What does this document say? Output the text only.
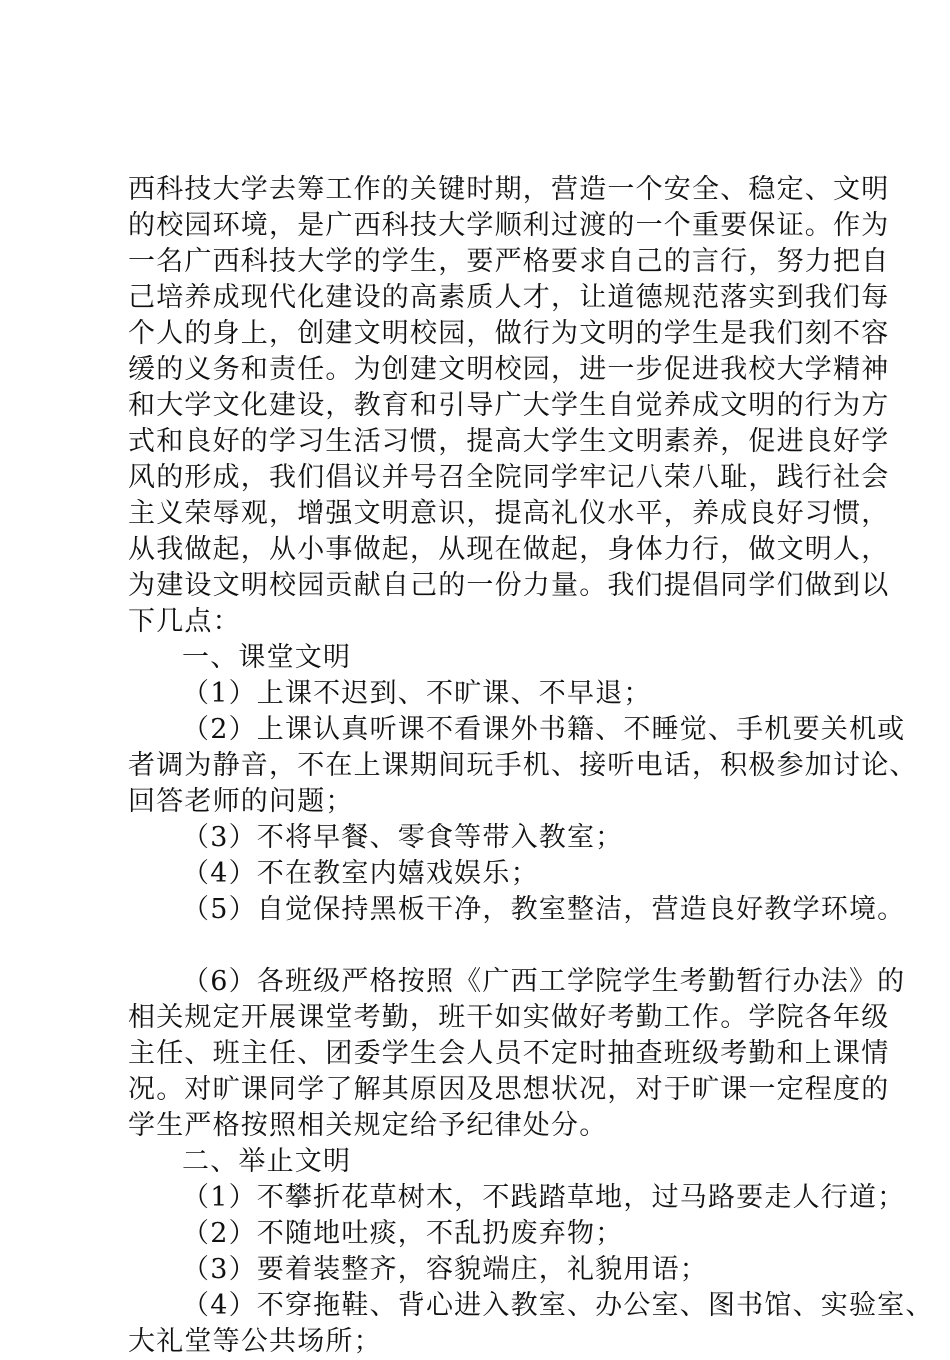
西科技大学去筹工作的关键时期，营造一个安全、稳定、文明
的校园环境，是广西科技大学顺利过渡的一个重要保证。作为
一名广西科技大学的学生，要严格要求自己的言行，努力把自
己培养成现代化建设的高素质人才，让道德规范落实到我们每
个人的身上，创建文明校园，做行为文明的学生是我们刻不容
缓的义务和责任。为创建文明校园，进一步促进我校大学精神
和大学文化建设，教育和引导广大学生自觉养成文明的行为方
式和良好的学习生活习惯，提高大学生文明素养，促进良好学
风的形成，我们倡议并号召全院同学牢记八荣八耻，践行社会
主义荣辱观，增强文明意识，提高礼仪水平，养成良好习惯，
从我做起，从小事做起，从现在做起，身体力行，做文明人，
为建设文明校园贡献自己的一份力量。我们提倡同学们做到以
下几点：
一、课堂文明
（1）上课不迟到、不旷课、不早退；
（2）上课认真听课不看课外书籍、不睡觉、手机要关机或
者调为静音，不在上课期间玩手机、接听电话，积极参加讨论、
回答老师的问题；
（3）不将早餐、零食等带入教室；
（4）不在教室内嬉戏娱乐；
（5）自觉保持黑板干净，教室整洁，营造良好教学环境。
（6）各班级严格按照《广西工学院学生考勤暂行办法》的
相关规定开展课堂考勤，班干如实做好考勤工作。学院各年级
主任、班主任、团委学生会人员不定时抽查班级考勤和上课情
况。对旷课同学了解其原因及思想状况，对于旷课一定程度的
学生严格按照相关规定给予纪律处分。
二、举止文明
（1）不攀折花草树木，不践踏草地，过马路要走人行道；
（2）不随地吐痰，不乱扔废弃物；
（3）要着装整齐，容貌端庄，礼貌用语；
（4）不穿拖鞋、背心进入教室、办公室、图书馆、实验室、
大礼堂等公共场所；
